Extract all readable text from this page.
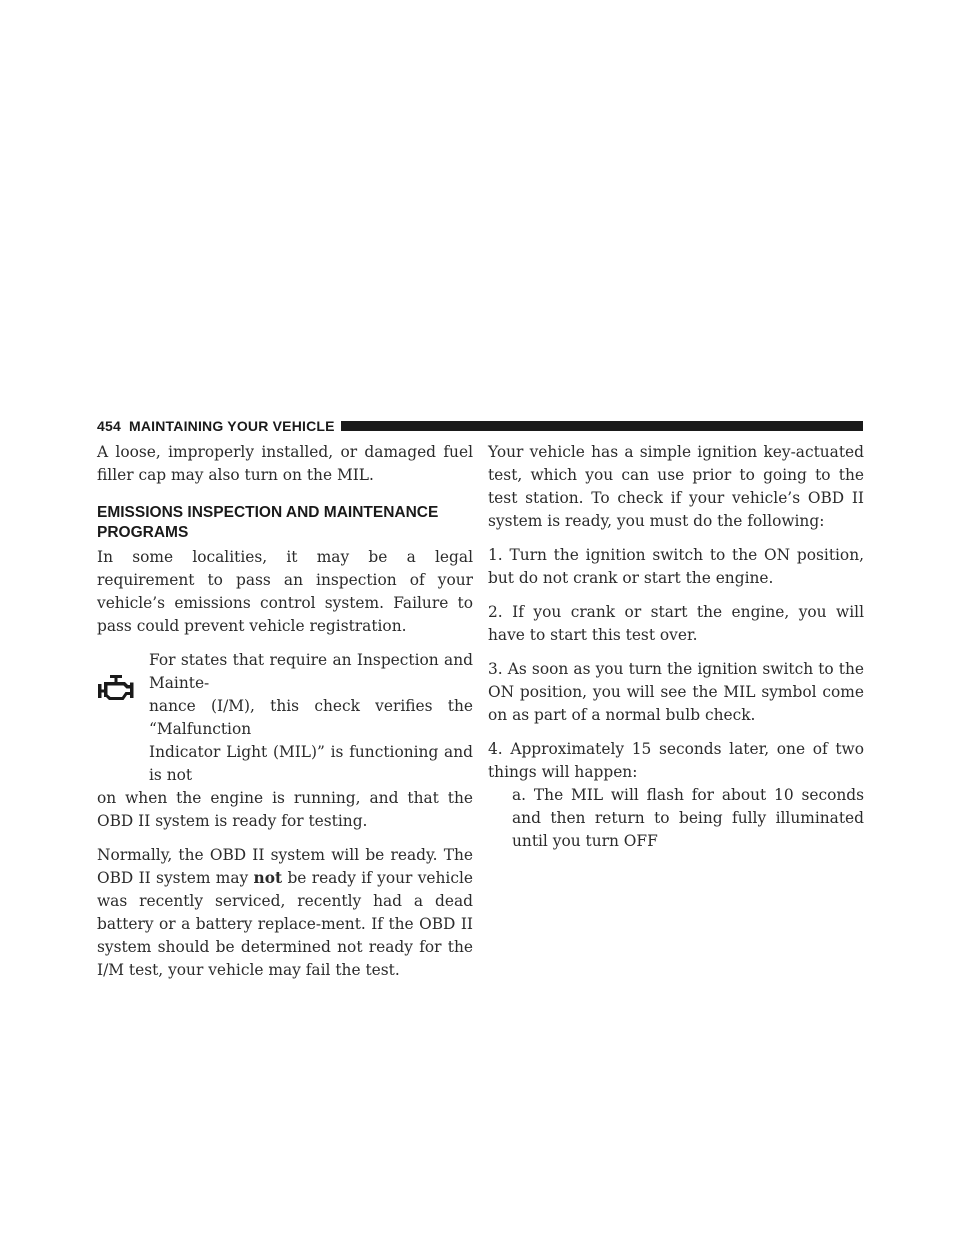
454 MAINTAINING YOUR VEHICLE

A loose, improperly installed, or damaged fuel filler cap may also turn on the MIL.

EMISSIONS INSPECTION AND MAINTENANCE PROGRAMS

In some localities, it may be a legal requirement to pass an inspection of your vehicle’s emissions control system. Failure to pass could prevent vehicle registration.

For states that require an Inspection and Mainte-
nance (I/M), this check verifies the “Malfunction
Indicator Light (MIL)” is functioning and is not
on when the engine is running, and that the OBD II system is ready for testing.

Normally, the OBD II system will be ready. The OBD II system may not be ready if your vehicle was recently serviced, recently had a dead battery or a battery replace-ment. If the OBD II system should be determined not ready for the I/M test, your vehicle may fail the test.

Your vehicle has a simple ignition key-actuated test, which you can use prior to going to the test station. To check if your vehicle’s OBD II system is ready, you must do the following:

1. Turn the ignition switch to the ON position, but do not crank or start the engine.

2. If you crank or start the engine, you will have to start this test over.

3. As soon as you turn the ignition switch to the ON position, you will see the MIL symbol come on as part of a normal bulb check.

4. Approximately 15 seconds later, one of two things will happen:

a. The MIL will flash for about 10 seconds and then return to being fully illuminated until you turn OFF
